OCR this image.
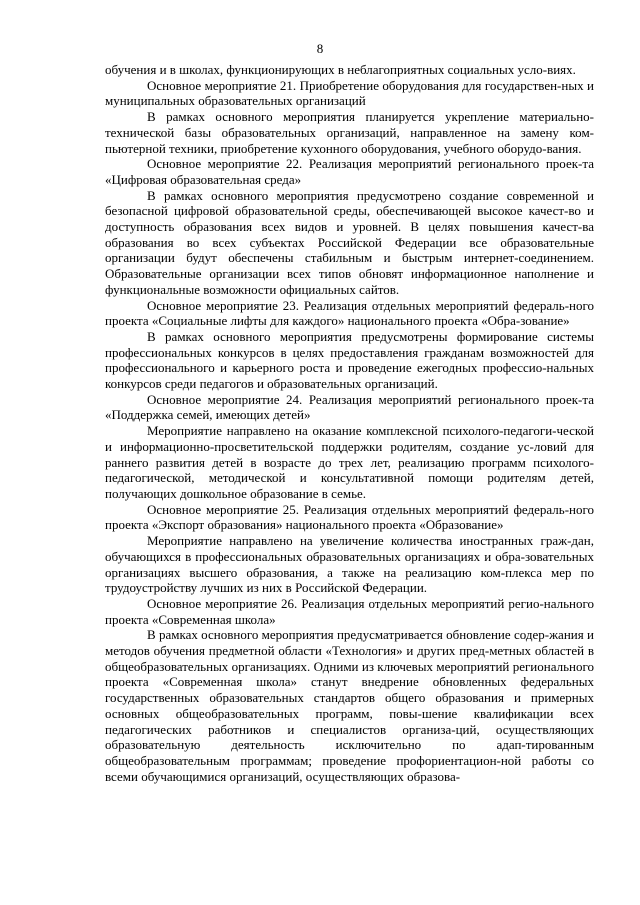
8

обучения и в школах, функционирующих в неблагоприятных социальных усло-виях.

Основное мероприятие 21. Приобретение оборудования для государствен-ных и муниципальных образовательных организаций

В рамках основного мероприятия планируется укрепление материально-технической базы образовательных организаций, направленное на замену ком-пьютерной техники, приобретение кухонного оборудования, учебного оборудо-вания.

Основное мероприятие 22. Реализация мероприятий регионального проек-та «Цифровая образовательная среда»

В рамках основного мероприятия предусмотрено создание современной и безопасной цифровой образовательной среды, обеспечивающей высокое качест-во и доступность образования всех видов и уровней. В целях повышения качест-ва образования во всех субъектах Российской Федерации все образовательные организации будут обеспечены стабильным и быстрым интернет-соединением. Образовательные организации всех типов обновят информационное наполнение и функциональные возможности официальных сайтов.

Основное мероприятие 23. Реализация отдельных мероприятий федераль-ного проекта «Социальные лифты для каждого» национального проекта «Обра-зование»

В рамках основного мероприятия предусмотрены формирование системы профессиональных конкурсов в целях предоставления гражданам возможностей для профессионального и карьерного роста и проведение ежегодных профессио-нальных конкурсов среди педагогов и образовательных организаций.

Основное мероприятие 24. Реализация мероприятий регионального проек-та «Поддержка семей, имеющих детей»

Мероприятие направлено на оказание комплексной психолого-педагоги-ческой и информационно-просветительской поддержки родителям, создание ус-ловий для раннего развития детей в возрасте до трех лет, реализацию программ психолого-педагогической, методической и консультативной помощи родителям детей, получающих дошкольное образование в семье.

Основное мероприятие 25. Реализация отдельных мероприятий федераль-ного проекта «Экспорт образования» национального проекта «Образование»

Мероприятие направлено на увеличение количества иностранных граж-дан, обучающихся в профессиональных образовательных организациях и обра-зовательных организациях высшего образования, а также на реализацию ком-плекса мер по трудоустройству лучших из них в Российской Федерации.

Основное мероприятие 26. Реализация отдельных мероприятий регио-нального проекта «Современная школа»

В рамках основного мероприятия предусматривается обновление содер-жания и методов обучения предметной области «Технология» и других пред-метных областей в общеобразовательных организациях. Одними из ключевых мероприятий регионального проекта «Современная школа» станут внедрение обновленных федеральных государственных образовательных стандартов общего образования и примерных основных общеобразовательных программ, повы-шение квалификации всех педагогических работников и специалистов организа-ций, осуществляющих образовательную деятельность исключительно по адап-тированным общеобразовательным программам; проведение профориентацион-ной работы со всеми обучающимися организаций, осуществляющих образова-
